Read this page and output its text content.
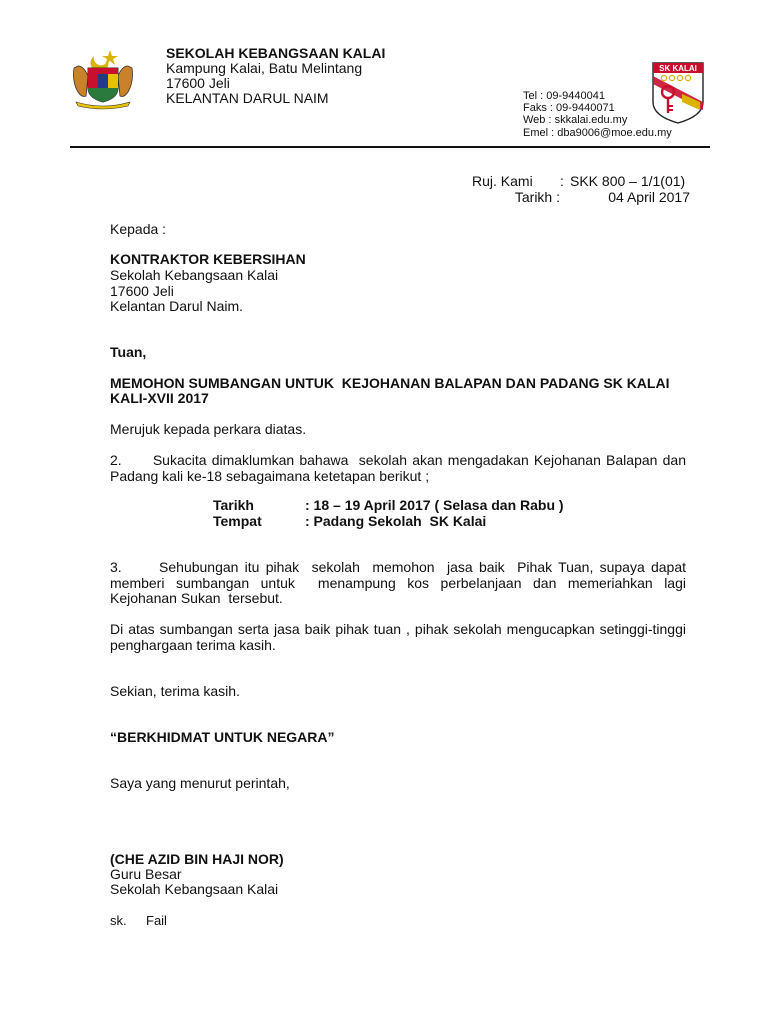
SEKOLAH KEBANGSAAN KALAI
Kampung Kalai, Batu Melintang
17600 Jeli
KELANTAN DARUL NAIM	Tel : 09-9440041
Faks : 09-9440071
Web : skkalai.edu.my
Emel : dba9006@moe.edu.my
SK KALAI
Ruj. Kami	: SKK 800 – 1/1(01)
Tarikh :	04 April 2017
Kepada :
KONTRAKTOR KEBERSIHAN
Sekolah Kebangsaan Kalai
17600 Jeli
Kelantan Darul Naim.
Tuan,
MEMOHON SUMBANGAN UNTUK  KEJOHANAN BALAPAN DAN PADANG SK KALAI
KALI-XVII 2017
Merujuk kepada perkara diatas.
2.      Sukacita dimaklumkan bahawa  sekolah akan mengadakan Kejohanan Balapan dan Padang kali ke-18 sebagaimana ketetapan berikut ;
Tarikh	: 18 – 19 April 2017 ( Selasa dan Rabu )
Tempat	: Padang Sekolah  SK Kalai
3.      Sehubungan itu pihak  sekolah  memohon  jasa baik  Pihak Tuan, supaya dapat memberi sumbangan untuk  menampung kos perbelanjaan dan memeriahkan lagi Kejohanan Sukan  tersebut.
Di atas sumbangan serta jasa baik pihak tuan , pihak sekolah mengucapkan setinggi-tinggi penghargaan terima kasih.
Sekian, terima kasih.
“BERKHIDMAT UNTUK NEGARA”
Saya yang menurut perintah,
(CHE AZID BIN HAJI NOR)
Guru Besar
Sekolah Kebangsaan Kalai
sk. Fail
